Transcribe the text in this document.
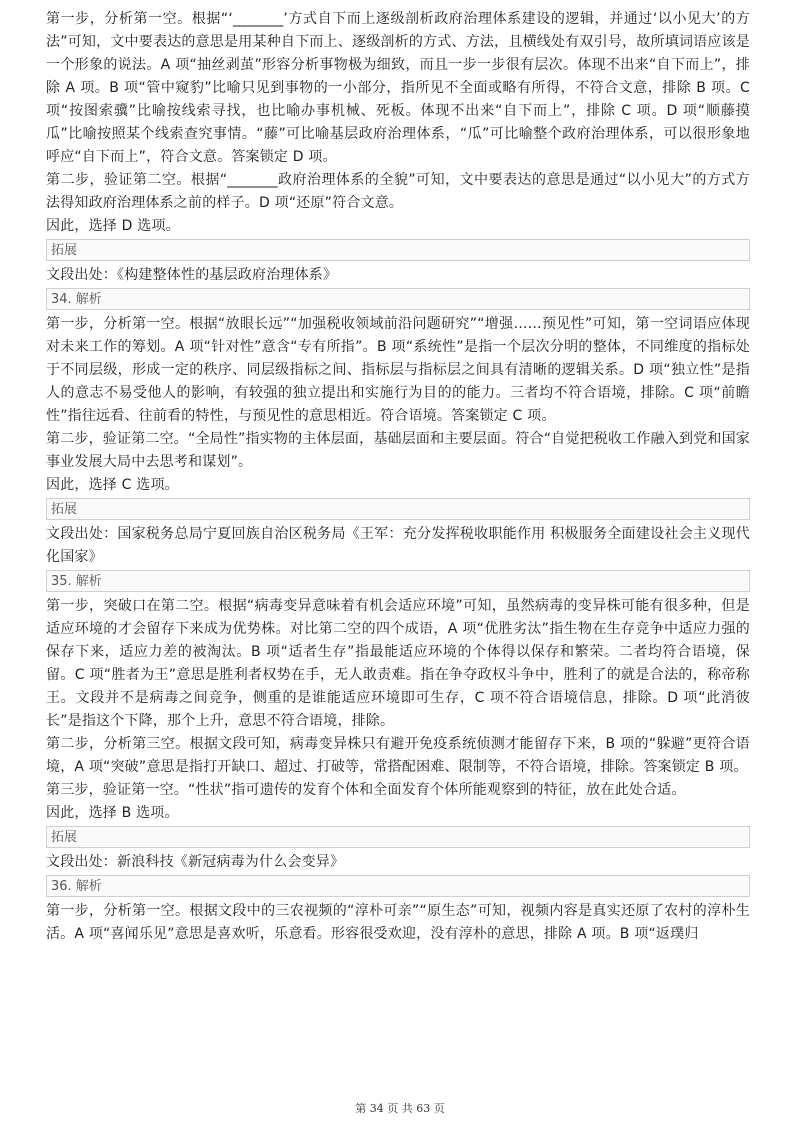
第一步，分析第一空。根据“‘_______’方式自下而上逐级剖析政府治理体系建设的逻辑，并通过‘以小见大’的方法”可知，文中要表达的意思是用某种自下而上、逐级剖析的方式、方法，且横线处有双引号，故所填词语应该是一个形象的说法。A 项“抽丝剥茧”形容分析事物极为细致，而且一步一步很有层次。体现不出来“自下而上”，排除 A 项。B 项“管中窥豹”比喻只见到事物的一小部分，指所见不全面或略有所得，不符合文意，排除 B 项。C 项“按图索骥”比喻按线索寻找，也比喻办事机械、死板。体现不出来“自下而上”，排除 C 项。D 项“顺藤摸瓜”比喻按照某个线索查究事情。“藤”可比喻基层政府治理体系，“瓜”可比喻整个政府治理体系，可以很形象地呼应“自下而上”，符合文意。答案锁定 D 项。

第二步，验证第二空。根据“_______政府治理体系的全貌”可知，文中要表达的意思是通过“以小见大”的方式方法得知政府治理体系之前的样子。D 项“还原”符合文意。

因此，选择 D 选项。

拓展

文段出处：《构建整体性的基层政府治理体系》

34. 解析

第一步，分析第一空。根据“放眼长远”“加强税收领域前沿问题研究”“增强……预见性”可知，第一空词语应体现对未来工作的筹划。A 项“针对性”意含“专有所指”。B 项“系统性”是指一个层次分明的整体，不同维度的指标处于不同层级，形成一定的秩序、同层级指标之间、指标层与指标层之间具有清晰的逻辑关系。D 项“独立性”是指人的意志不易受他人的影响，有较强的独立提出和实施行为目的的能力。三者均不符合语境，排除。C 项“前瞻性”指往远看、往前看的特性，与预见性的意思相近。符合语境。答案锁定 C 项。

第二步，验证第二空。“全局性”指实物的主体层面，基础层面和主要层面。符合“自觉把税收工作融入到党和国家事业发展大局中去思考和谋划”。

因此，选择 C 选项。

拓展

文段出处：国家税务总局宁夏回族自治区税务局《王军：充分发挥税收职能作用 积极服务全面建设社会主义现代化国家》

35. 解析

第一步，突破口在第二空。根据“病毒变异意味着有机会适应环境”可知，虽然病毒的变异株可能有很多种，但是适应环境的才会留存下来成为优势株。对比第二空的四个成语，A 项“优胜劣汰”指生物在生存竞争中适应力强的保存下来，适应力差的被淘汰。B 项“适者生存”指最能适应环境的个体得以保存和繁荣。二者均符合语境，保留。C 项“胜者为王”意思是胜利者权势在手，无人敢责难。指在争夺政权斗争中，胜利了的就是合法的，称帝称王。文段并不是病毒之间竞争，侧重的是谁能适应环境即可生存，C 项不符合语境信息，排除。D 项“此消彼长”是指这个下降，那个上升，意思不符合语境，排除。

第二步，分析第三空。根据文段可知，病毒变异株只有避开免疫系统侦测才能留存下来，B 项的“躲避”更符合语境，A 项“突破”意思是指打开缺口、超过、打破等，常搭配困难、限制等，不符合语境，排除。答案锁定 B 项。

第三步，验证第一空。“性状”指可遗传的发育个体和全面发育个体所能观察到的特征，放在此处合适。

因此，选择 B 选项。

拓展

文段出处：新浪科技《新冠病毒为什么会变异》

36. 解析

第一步，分析第一空。根据文段中的三农视频的“淳朴可亲”“原生态”可知，视频内容是真实还原了农村的淳朴生活。A 项“喜闻乐见”意思是喜欢听，乐意看。形容很受欢迎，没有淳朴的意思，排除 A 项。B 项“返璞归

第 34 页 共 63 页
